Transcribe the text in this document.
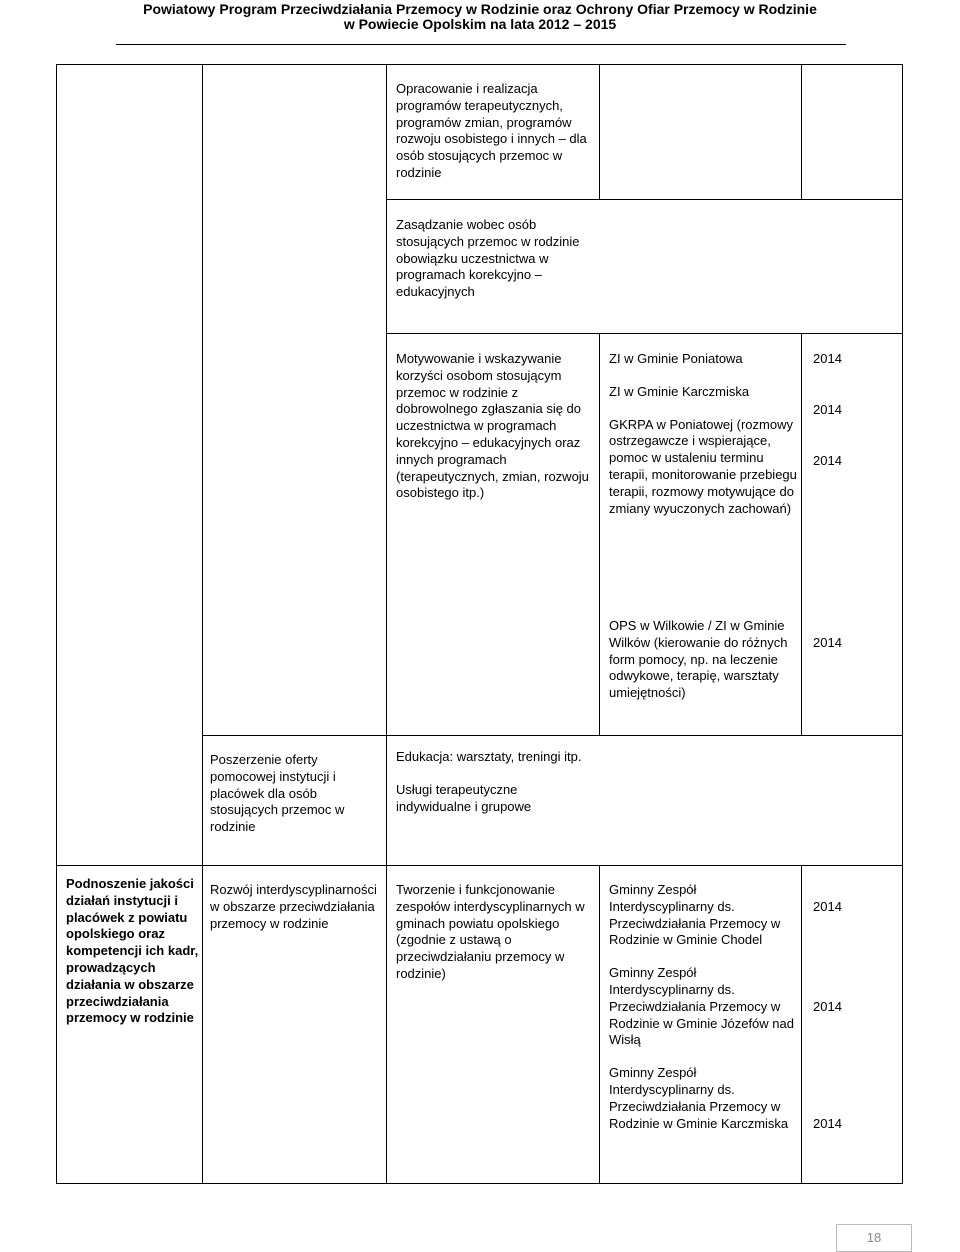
Powiatowy Program Przeciwdziałania Przemocy w Rodzinie oraz Ochrony Ofiar Przemocy w Rodzinie
w Powiecie Opolskim na lata 2012 – 2015
Opracowanie i realizacja programów terapeutycznych, programów zmian, programów rozwoju osobistego i innych – dla osób stosujących przemoc w rodzinie
Zasądzanie wobec osób stosujących przemoc w rodzinie obowiązku uczestnictwa w programach korekcyjno – edukacyjnych
Motywowanie i wskazywanie korzyści osobom stosującym przemoc w rodzinie z dobrowolnego zgłaszania się do uczestnictwa w programach korekcyjno – edukacyjnych oraz innych programach (terapeutycznych, zmian, rozwoju osobistego itp.)
ZI w Gminie Poniatowa
ZI w Gminie Karczmiska
GKRPA w Poniatowej (rozmowy ostrzegawcze i wspierające, pomoc w ustaleniu terminu terapii, monitorowanie przebiegu terapii, rozmowy motywujące do zmiany wyuczonych zachowań)
2014
2014
2014
OPS w Wilkowie / ZI w Gminie Wilków (kierowanie do różnych form pomocy, np. na leczenie odwykowe, terapię, warsztaty umiejętności)
2014
Poszerzenie oferty pomocowej instytucji i placówek dla osób stosujących przemoc w rodzinie
Edukacja: warsztaty, treningi itp.
Usługi terapeutyczne indywidualne i grupowe
Podnoszenie jakości działań instytucji i placówek z powiatu opolskiego oraz kompetencji ich kadr, prowadzących działania w obszarze przeciwdziałania przemocy w rodzinie
Rozwój interdyscyplinarności w obszarze przeciwdziałania przemocy w rodzinie
Tworzenie i funkcjonowanie zespołów interdyscyplinarnych w gminach powiatu opolskiego (zgodnie z ustawą o przeciwdziałaniu przemocy w rodzinie)
Gminny Zespół Interdyscyplinarny ds. Przeciwdziałania Przemocy w Rodzinie w Gminie Chodel
Gminny Zespół Interdyscyplinarny ds. Przeciwdziałania Przemocy w Rodzinie w Gminie Józefów nad Wisłą
Gminny Zespół Interdyscyplinarny ds. Przeciwdziałania Przemocy w Rodzinie w Gminie Karczmiska
2014
2014
2014
18
